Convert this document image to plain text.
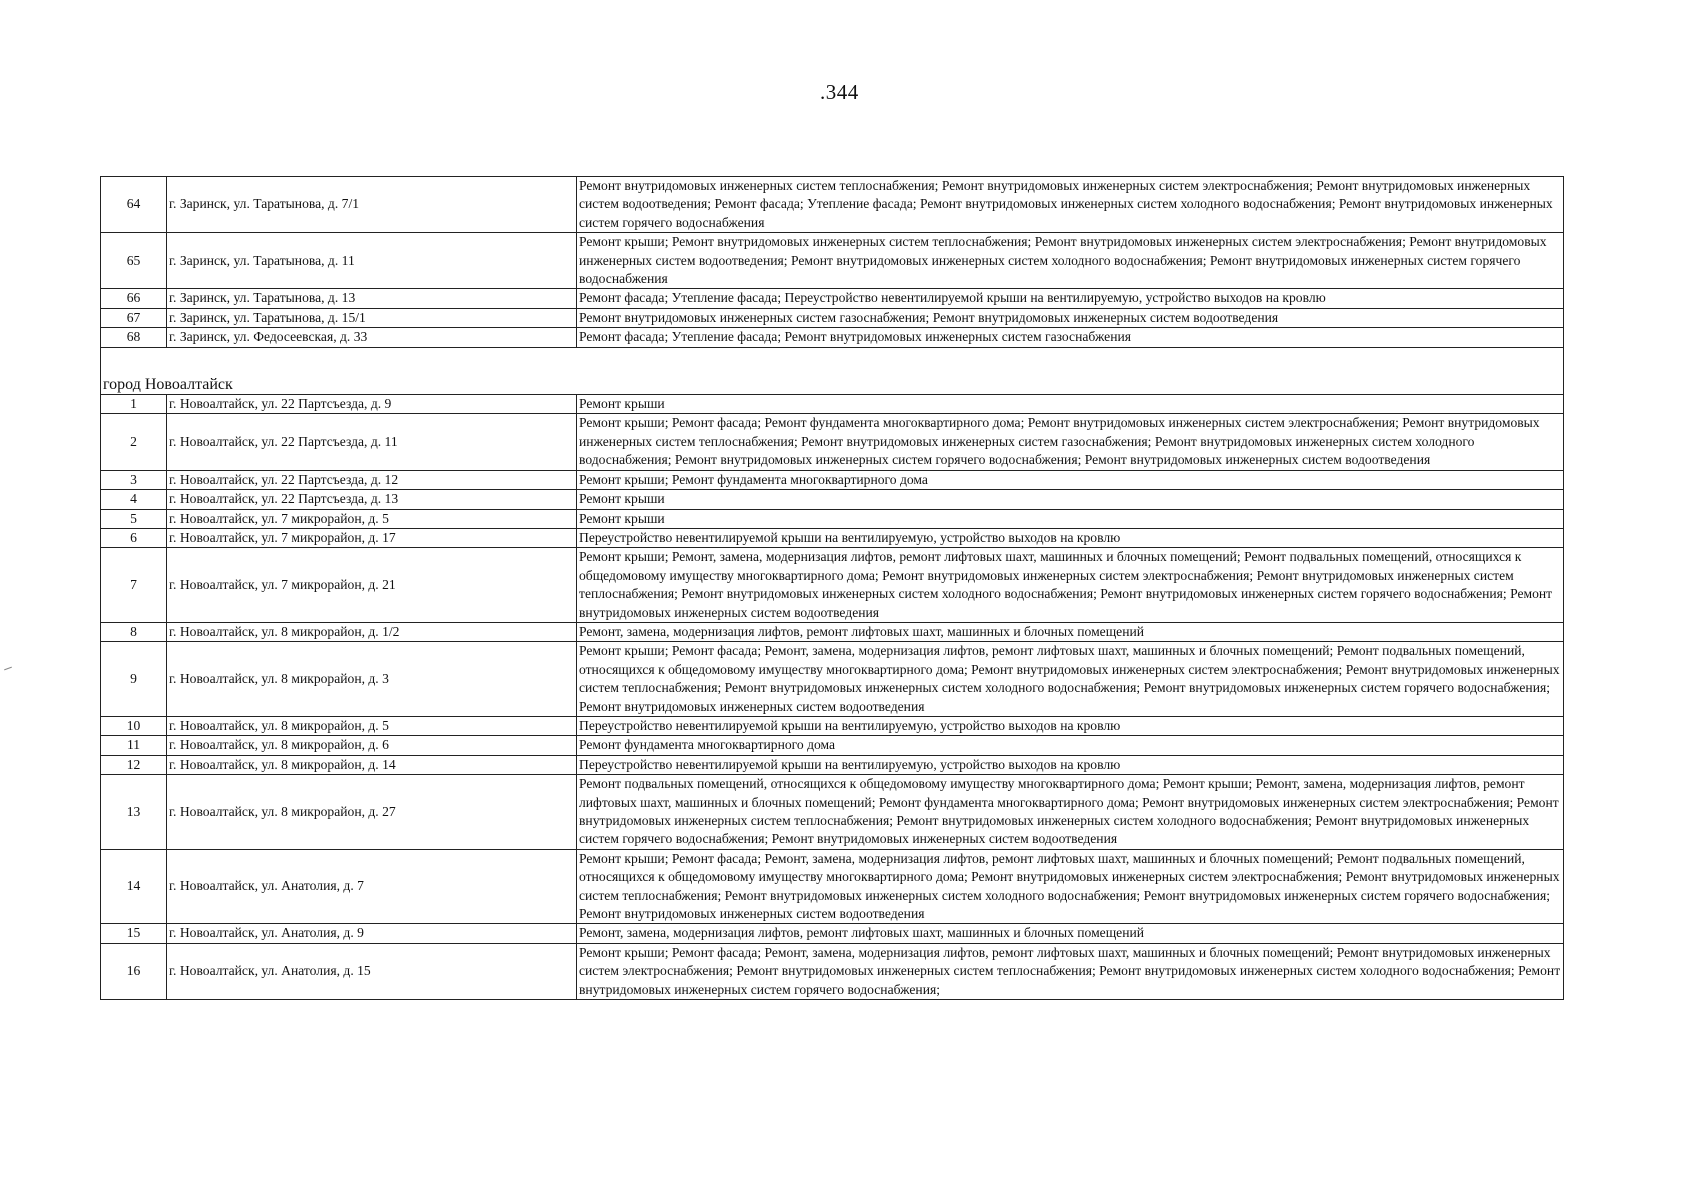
.344
64	г. Заринск, ул. Таратынова, д. 7/1	Ремонт внутридомовых инженерных систем теплоснабжения; Ремонт внутридомовых инженерных систем электроснабжения; Ремонт внутридомовых инженерных систем водоотведения; Ремонт фасада; Утепление фасада; Ремонт внутридомовых инженерных систем холодного водоснабжения; Ремонт внутридомовых инженерных систем горячего водоснабжения
65	г. Заринск, ул. Таратынова, д. 11	Ремонт крыши; Ремонт внутридомовых инженерных систем теплоснабжения; Ремонт внутридомовых инженерных систем электроснабжения; Ремонт внутридомовых инженерных систем водоотведения; Ремонт внутридомовых инженерных систем холодного водоснабжения; Ремонт внутридомовых инженерных систем горячего водоснабжения
66	г. Заринск, ул. Таратынова, д. 13	Ремонт фасада; Утепление фасада; Переустройство невентилируемой крыши на вентилируемую, устройство выходов на кровлю
67	г. Заринск, ул. Таратынова, д. 15/1	Ремонт внутридомовых инженерных систем газоснабжения; Ремонт внутридомовых инженерных систем водоотведения
68	г. Заринск, ул. Федосеевская, д. 33	Ремонт фасада; Утепление фасада; Ремонт внутридомовых инженерных систем газоснабжения

город Новоалтайск		
1	г. Новоалтайск, ул. 22 Партсъезда, д. 9	Ремонт крыши
2	г. Новоалтайск, ул. 22 Партсъезда, д. 11	Ремонт крыши; Ремонт фасада; Ремонт фундамента многоквартирного дома; Ремонт внутридомовых инженерных систем электроснабжения; Ремонт внутридомовых инженерных систем теплоснабжения; Ремонт внутридомовых инженерных систем газоснабжения; Ремонт внутридомовых инженерных систем холодного водоснабжения; Ремонт внутридомовых инженерных систем горячего водоснабжения; Ремонт внутридомовых инженерных систем водоотведения
3	г. Новоалтайск, ул. 22 Партсъезда, д. 12	Ремонт крыши; Ремонт фундамента многоквартирного дома
4	г. Новоалтайск, ул. 22 Партсъезда, д. 13	Ремонт крыши
5	г. Новоалтайск, ул. 7 микрорайон, д. 5	Ремонт крыши
6	г. Новоалтайск, ул. 7 микрорайон, д. 17	Переустройство невентилируемой крыши на вентилируемую, устройство выходов на кровлю
7	г. Новоалтайск, ул. 7 микрорайон, д. 21	Ремонт крыши; Ремонт, замена, модернизация лифтов, ремонт лифтовых шахт, машинных и блочных помещений; Ремонт подвальных помещений, относящихся к общедомовому имуществу многоквартирного дома; Ремонт внутридомовых инженерных систем электроснабжения; Ремонт внутридомовых инженерных систем теплоснабжения; Ремонт внутридомовых инженерных систем холодного водоснабжения; Ремонт внутридомовых инженерных систем горячего водоснабжения; Ремонт внутридомовых инженерных систем водоотведения
8	г. Новоалтайск, ул. 8 микрорайон, д. 1/2	Ремонт, замена, модернизация лифтов, ремонт лифтовых шахт, машинных и блочных помещений
9	г. Новоалтайск, ул. 8 микрорайон, д. 3	Ремонт крыши; Ремонт фасада; Ремонт, замена, модернизация лифтов, ремонт лифтовых шахт, машинных и блочных помещений; Ремонт подвальных помещений, относящихся к общедомовому имуществу многоквартирного дома; Ремонт внутридомовых инженерных систем электроснабжения; Ремонт внутридомовых инженерных систем теплоснабжения; Ремонт внутридомовых инженерных систем холодного водоснабжения; Ремонт внутридомовых инженерных систем горячего водоснабжения; Ремонт внутридомовых инженерных систем водоотведения
10	г. Новоалтайск, ул. 8 микрорайон, д. 5	Переустройство невентилируемой крыши на вентилируемую, устройство выходов на кровлю
11	г. Новоалтайск, ул. 8 микрорайон, д. 6	Ремонт фундамента многоквартирного дома
12	г. Новоалтайск, ул. 8 микрорайон, д. 14	Переустройство невентилируемой крыши на вентилируемую, устройство выходов на кровлю
13	г. Новоалтайск, ул. 8 микрорайон, д. 27	Ремонт подвальных помещений, относящихся к общедомовому имуществу многоквартирного дома; Ремонт крыши; Ремонт, замена, модернизация лифтов, ремонт лифтовых шахт, машинных и блочных помещений; Ремонт фундамента многоквартирного дома; Ремонт внутридомовых инженерных систем электроснабжения; Ремонт внутридомовых инженерных систем теплоснабжения; Ремонт внутридомовых инженерных систем холодного водоснабжения; Ремонт внутридомовых инженерных систем горячего водоснабжения; Ремонт внутридомовых инженерных систем водоотведения
14	г. Новоалтайск, ул. Анатолия, д. 7	Ремонт крыши; Ремонт фасада; Ремонт, замена, модернизация лифтов, ремонт лифтовых шахт, машинных и блочных помещений; Ремонт подвальных помещений, относящихся к общедомовому имуществу многоквартирного дома; Ремонт внутридомовых инженерных систем электроснабжения; Ремонт внутридомовых инженерных систем теплоснабжения; Ремонт внутридомовых инженерных систем холодного водоснабжения; Ремонт внутридомовых инженерных систем горячего водоснабжения; Ремонт внутридомовых инженерных систем водоотведения
15	г. Новоалтайск, ул. Анатолия, д. 9	Ремонт, замена, модернизация лифтов, ремонт лифтовых шахт, машинных и блочных помещений
16	г. Новоалтайск, ул. Анатолия, д. 15	Ремонт крыши; Ремонт фасада; Ремонт, замена, модернизация лифтов, ремонт лифтовых шахт, машинных и блочных помещений; Ремонт внутридомовых инженерных систем электроснабжения; Ремонт внутридомовых инженерных систем теплоснабжения; Ремонт внутридомовых инженерных систем холодного водоснабжения; Ремонт внутридомовых инженерных систем горячего водоснабжения;
